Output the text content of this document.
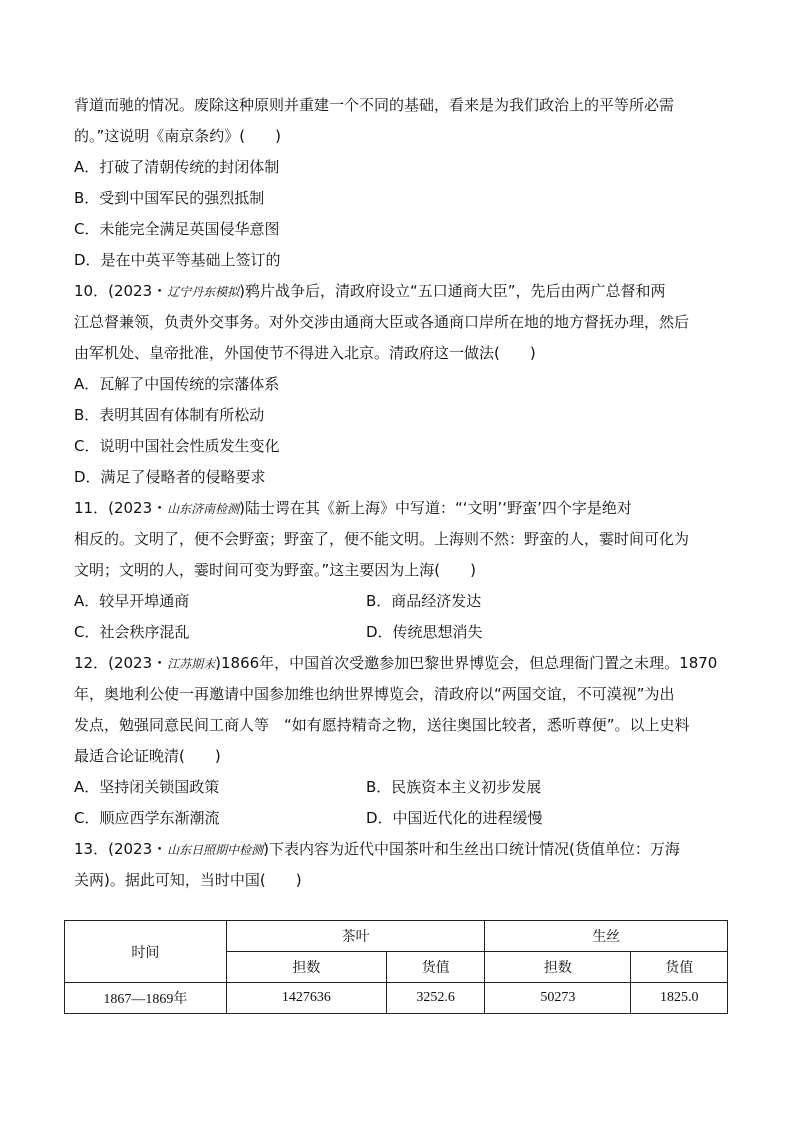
背道而驰的情况。废除这种原则并重建一个不同的基础，看来是为我们政治上的平等所必需
的。”这说明《南京条约》(　　)
A．打破了清朝传统的封闭体制
B．受到中国军民的强烈抵制
C．未能完全满足英国侵华意图
D．是在中英平等基础上签订的
10．(2023・辽宁丹东模拟)鸦片战争后，清政府设立“五口通商大臣”，先后由两广总督和两
江总督兼领，负责外交事务。对外交涉由通商大臣或各通商口岸所在地的地方督抚办理，然后
由军机处、皇帝批准，外国使节不得进入北京。清政府这一做法(　　)
A．瓦解了中国传统的宗藩体系
B．表明其固有体制有所松动
C．说明中国社会性质发生变化
D．满足了侵略者的侵略要求
11．(2023・山东济南检测)陆士谔在其《新上海》中写道：“‘文明’‘野蛮’四个字是绝对
相反的。文明了，便不会野蛮；野蛮了，便不能文明。上海则不然：野蛮的人，霎时间可化为
文明；文明的人，霎时间可变为野蛮。”这主要因为上海(　　)
A．较早开埠通商	B．商品经济发达
C．社会秩序混乱	D．传统思想消失
12．(2023・江苏期末)1866年，中国首次受邀参加巴黎世界博览会，但总理衙门置之未理。1870
年，奥地利公使一再邀请中国参加维也纳世界博览会，清政府以“两国交谊，不可漠视”为出
发点，勉强同意民间工商人等　“如有愿持精奇之物，送往奥国比较者，悉听尊便”。以上史料
最适合论证晚清(　　)
A．坚持闭关锁国政策	B．民族资本主义初步发展
C．顺应西学东渐潮流	D．中国近代化的进程缓慢
13．(2023・山东日照期中检测)下表内容为近代中国茶叶和生丝出口统计情况(货值单位：万海
关两)。据此可知，当时中国(　　)
时间	茶叶		生丝	
	担数	货值	担数	货值
1867—1869年	1427636	3252.6	50273	1825.0
